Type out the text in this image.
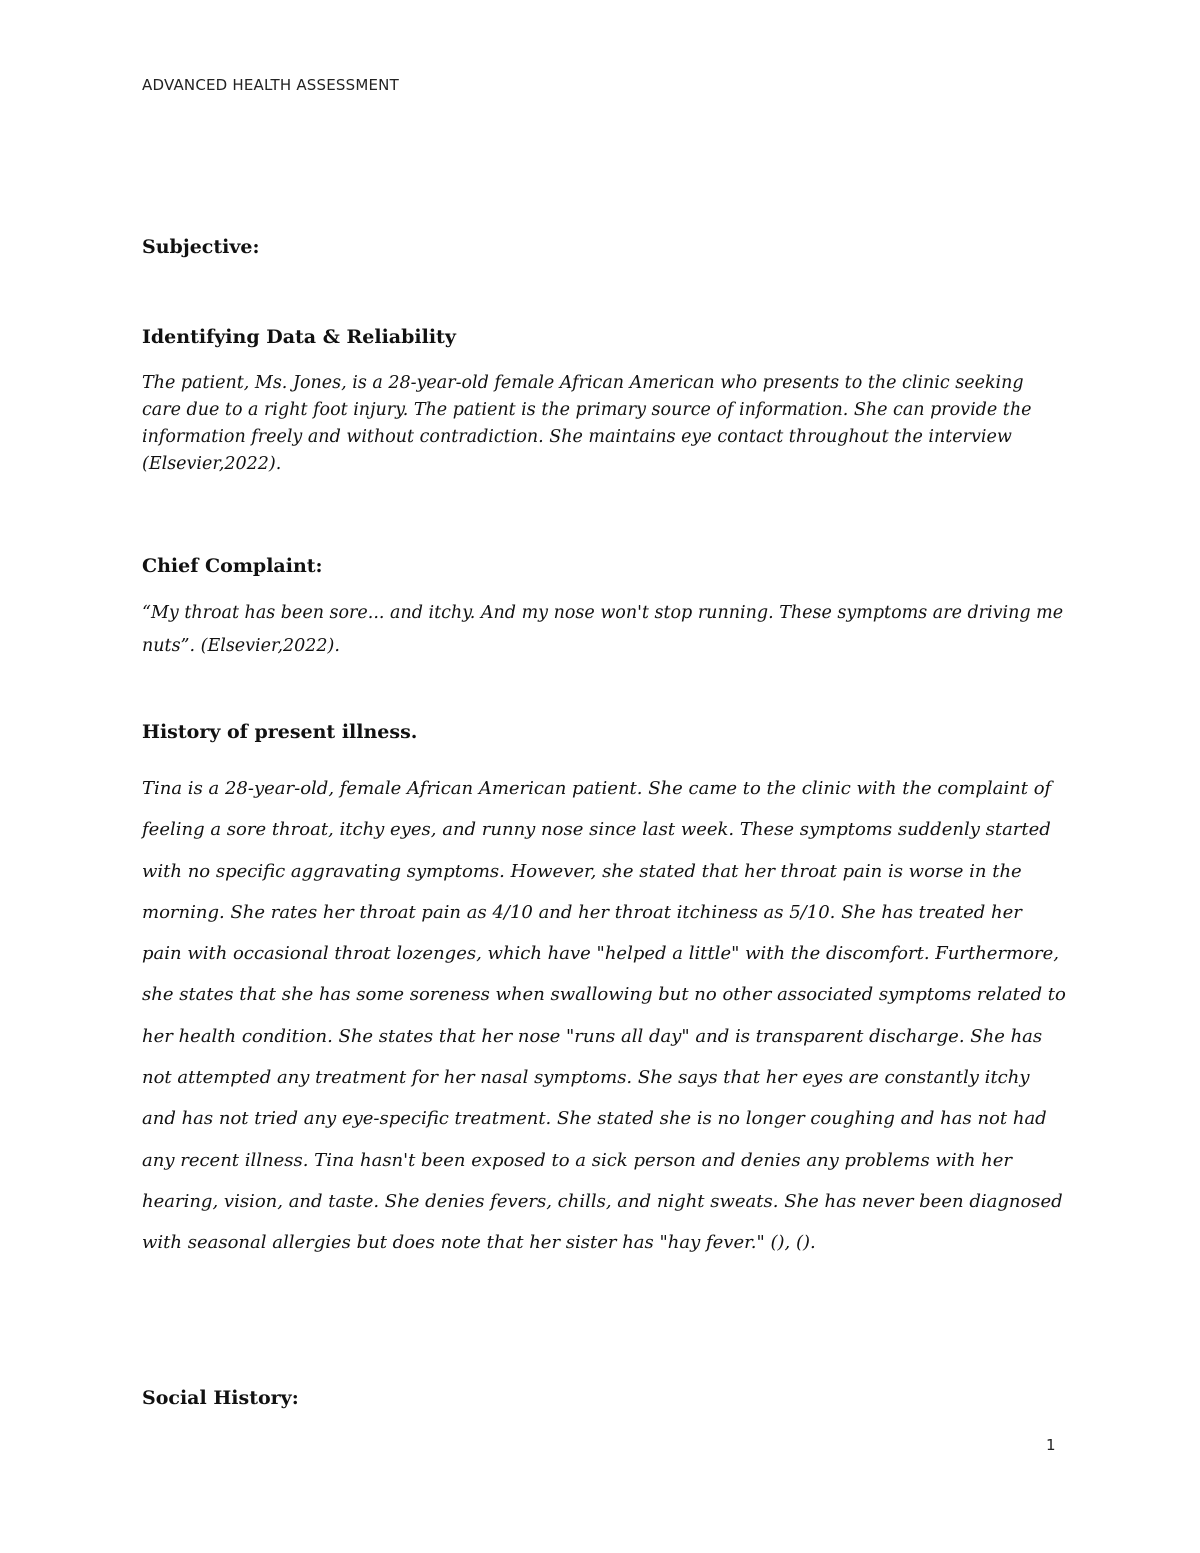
ADVANCED HEALTH ASSESSMENT
Subjective:
Identifying Data & Reliability

The patient, Ms. Jones, is a 28-year-old female African American who presents to the clinic seeking care due to a right foot injury. The patient is the primary source of information. She can provide the information freely and without contradiction. She maintains eye contact throughout the interview (Elsevier,2022).

Chief Complaint:

“My throat has been sore... and itchy. And my nose won't stop running. These symptoms are driving me nuts”. (Elsevier,2022).

History of present illness.

Tina is a 28-year-old, female African American patient. She came to the clinic with the complaint of feeling a sore throat, itchy eyes, and runny nose since last week. These symptoms suddenly started with no specific aggravating symptoms. However, she stated that her throat pain is worse in the morning. She rates her throat pain as 4/10 and her throat itchiness as 5/10. She has treated her pain with occasional throat lozenges, which have "helped a little" with the discomfort. Furthermore, she states that she has some soreness when swallowing but no other associated symptoms related to her health condition. She states that her nose "runs all day" and is transparent discharge. She has not attempted any treatment for her nasal symptoms. She says that her eyes are constantly itchy and has not tried any eye-specific treatment. She stated she is no longer coughing and has not had any recent illness. Tina hasn't been exposed to a sick person and denies any problems with her hearing, vision, and taste. She denies fevers, chills, and night sweats. She has never been diagnosed with seasonal allergies but does note that her sister has "hay fever." (), ().

Social History:
1
